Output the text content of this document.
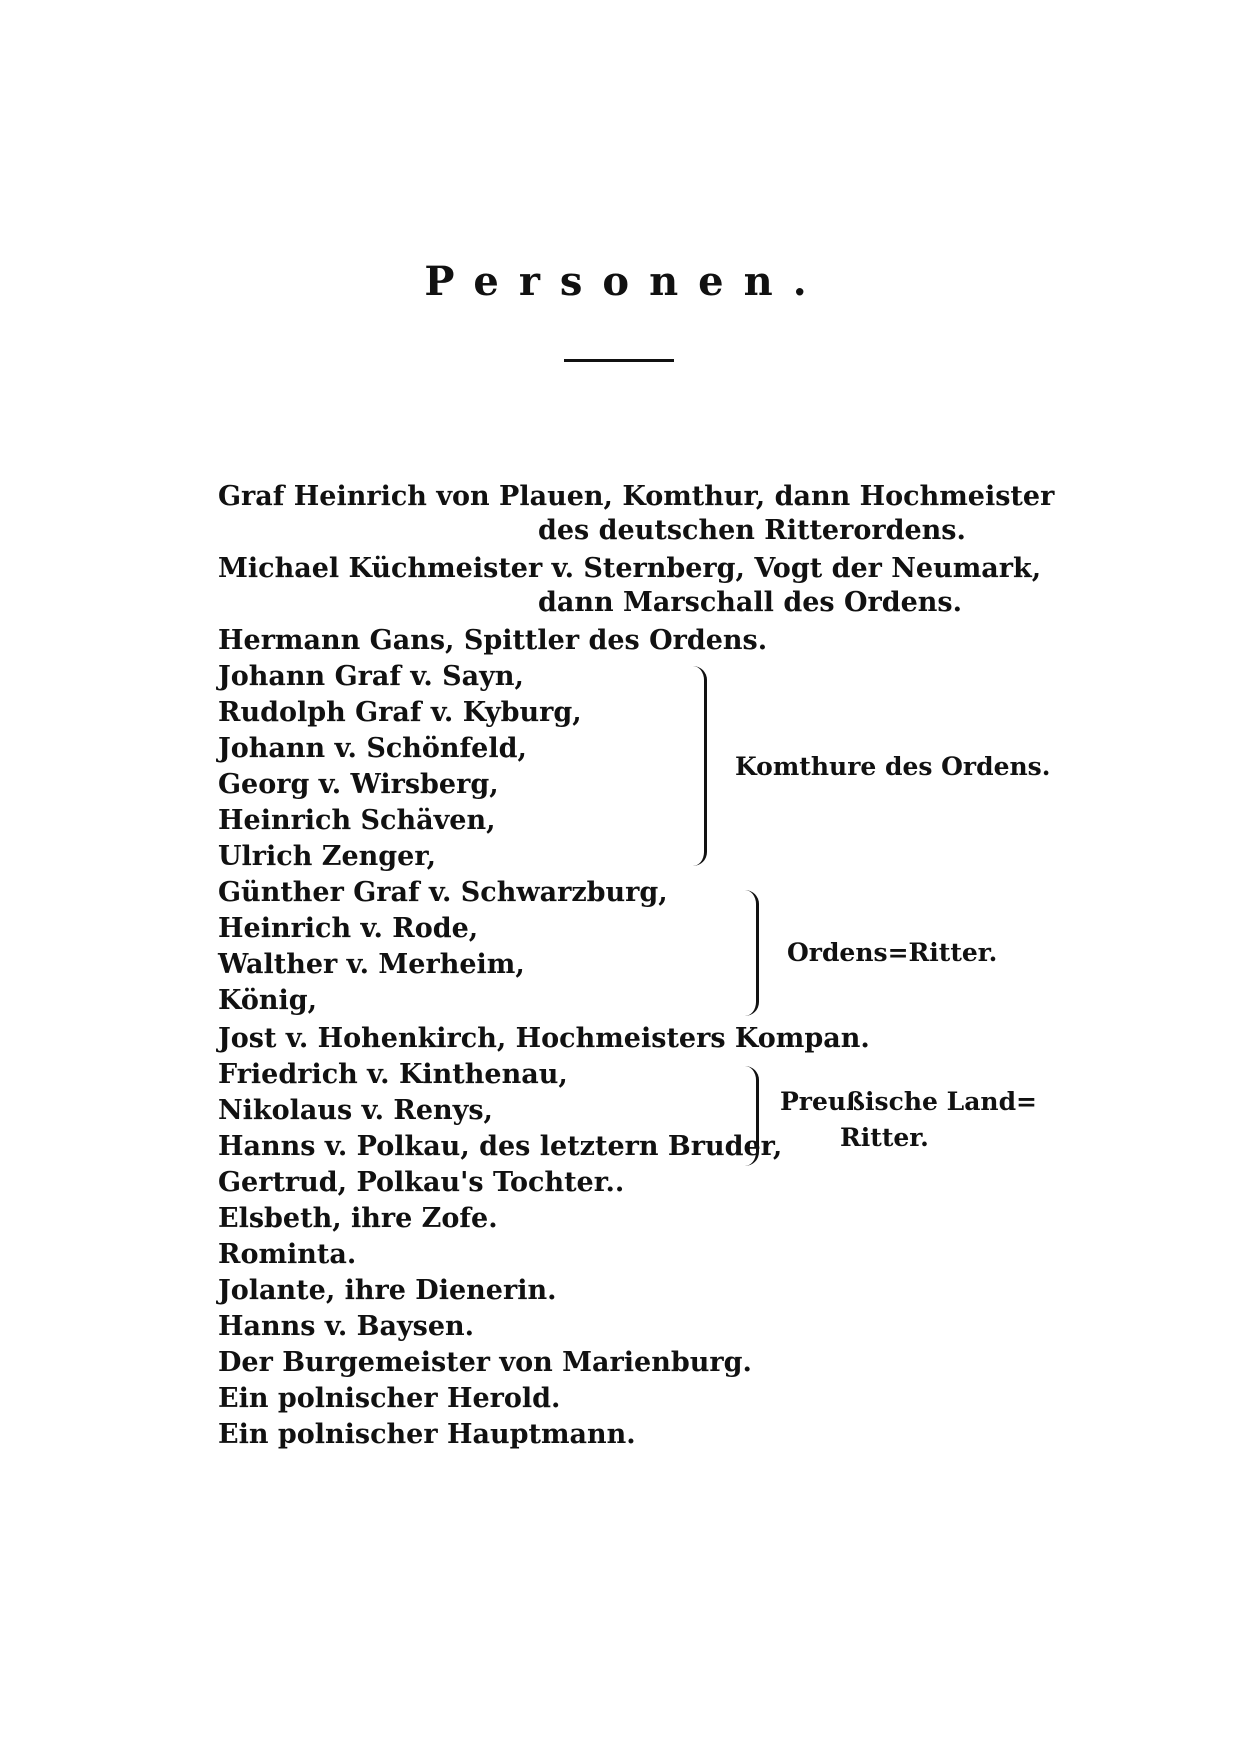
Personen.
Graf Heinrich von Plauen, Komthur, dann Hochmeister
des deutschen Ritterordens.
Michael Küchmeister v. Sternberg, Vogt der Neumark,
dann Marschall des Ordens.
Hermann Gans, Spittler des Ordens.
Johann Graf v. Sayn,
Rudolph Graf v. Kyburg,
Johann v. Schönfeld,
Georg v. Wirsberg,
Heinrich Schäven,
Ulrich Zenger,
Günther Graf v. Schwarzburg,
Heinrich v. Rode,
Walther v. Merheim,
König,
Jost v. Hohenkirch, Hochmeisters Kompan.
Friedrich v. Kinthenau,
Nikolaus v. Renys,
Hanns v. Polkau, des letztern Bruder,
Gertrud, Polkau's Tochter..
Elsbeth, ihre Zofe.
Rominta.
Jolante, ihre Dienerin.
Hanns v. Baysen.
Der Burgemeister von Marienburg.
Ein polnischer Herold.
Ein polnischer Hauptmann.
Komthure des Ordens.
Ordens=Ritter.
Preußische Land=
Ritter.
